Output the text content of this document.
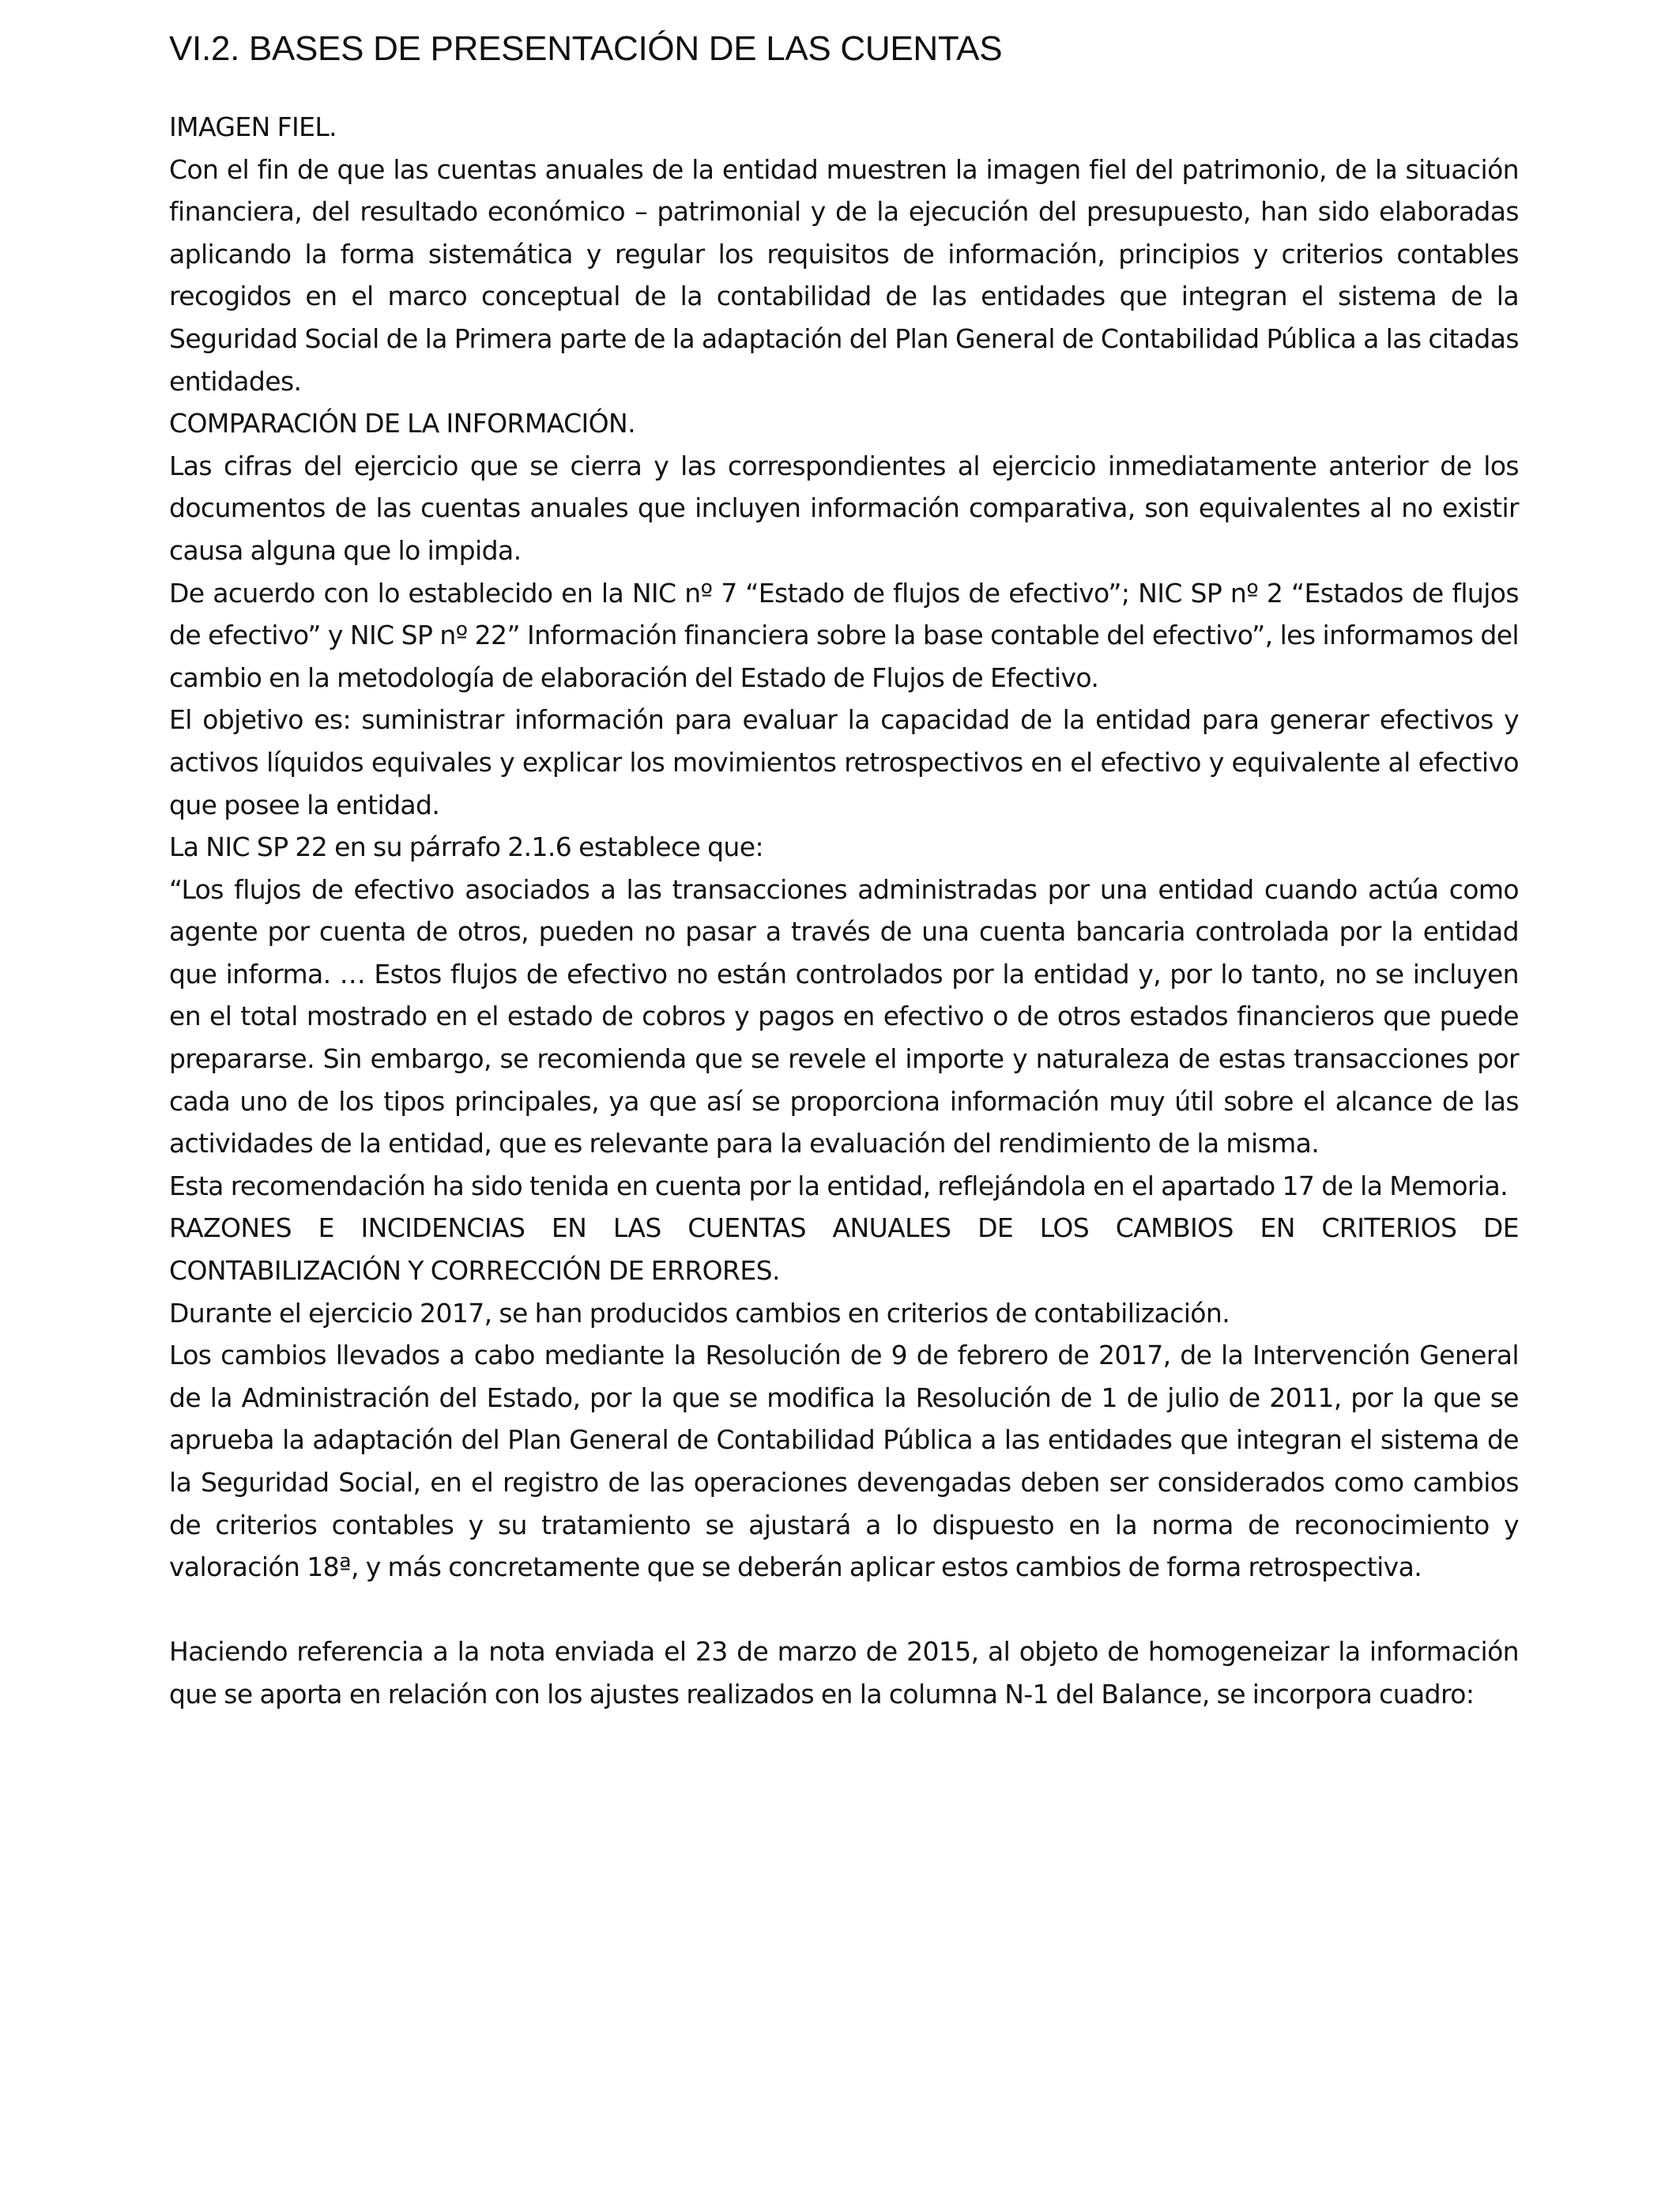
VI.2. BASES DE PRESENTACIÓN DE LAS CUENTAS

IMAGEN FIEL.

Con el fin de que las cuentas anuales de la entidad muestren la imagen fiel del patrimonio, de la situación financiera, del resultado económico – patrimonial y de la ejecución del presupuesto, han sido elaboradas aplicando la forma sistemática y regular los requisitos de información, principios y criterios contables recogidos en el marco conceptual de la contabilidad de las entidades que integran el sistema de la Seguridad Social de la Primera parte de la adaptación del Plan General de Contabilidad Pública a las citadas entidades.

COMPARACIÓN DE LA INFORMACIÓN.

Las cifras del ejercicio que se cierra y las correspondientes al ejercicio inmediatamente anterior de los documentos de las cuentas anuales que incluyen información comparativa, son equivalentes al no existir causa alguna que lo impida.

De acuerdo con lo establecido en la NIC nº 7 “Estado de flujos de efectivo”; NIC SP nº 2 “Estados de flujos de efectivo” y NIC SP nº 22” Información financiera sobre la base contable del efectivo”, les informamos del cambio en la metodología de elaboración del Estado de Flujos de Efectivo.

El objetivo es: suministrar información para evaluar la capacidad de la entidad para generar efectivos y activos líquidos equivales y explicar los movimientos retrospectivos en el efectivo y equivalente al efectivo que posee la entidad.

La NIC SP 22 en su párrafo 2.1.6 establece que:

“Los flujos de efectivo asociados a las transacciones administradas por una entidad cuando actúa como agente por cuenta de otros, pueden no pasar a través de una cuenta bancaria controlada por la entidad que informa. … Estos flujos de efectivo no están controlados por la entidad y, por lo tanto, no se incluyen en el total mostrado en el estado de cobros y pagos en efectivo o de otros estados financieros que puede prepararse. Sin embargo, se recomienda que se revele el importe y naturaleza de estas transacciones por cada uno de los tipos principales, ya que así se proporciona información muy útil sobre el alcance de las actividades de la entidad, que es relevante para la evaluación del rendimiento de la misma.

Esta recomendación ha sido tenida en cuenta por la entidad, reflejándola en el apartado 17 de la Memoria.

RAZONES E INCIDENCIAS EN LAS CUENTAS ANUALES DE LOS CAMBIOS EN CRITERIOS DE CONTABILIZACIÓN Y CORRECCIÓN DE ERRORES.

Durante el ejercicio 2017, se han producidos cambios en criterios de contabilización.

Los cambios llevados a cabo mediante la Resolución de 9 de febrero de 2017, de la Intervención General de la Administración del Estado, por la que se modifica la Resolución de 1 de julio de 2011, por la que se aprueba la adaptación del Plan General de Contabilidad Pública a las entidades que integran el sistema de la Seguridad Social, en el registro de las operaciones devengadas deben ser considerados como cambios de criterios contables y su tratamiento se ajustará a lo dispuesto en la norma de reconocimiento y valoración 18ª, y más concretamente que se deberán aplicar estos cambios de forma retrospectiva.

Haciendo referencia a la nota enviada el 23 de marzo de 2015, al objeto de homogeneizar la información que se aporta en relación con los ajustes realizados en la columna N-1 del Balance, se incorpora cuadro:
